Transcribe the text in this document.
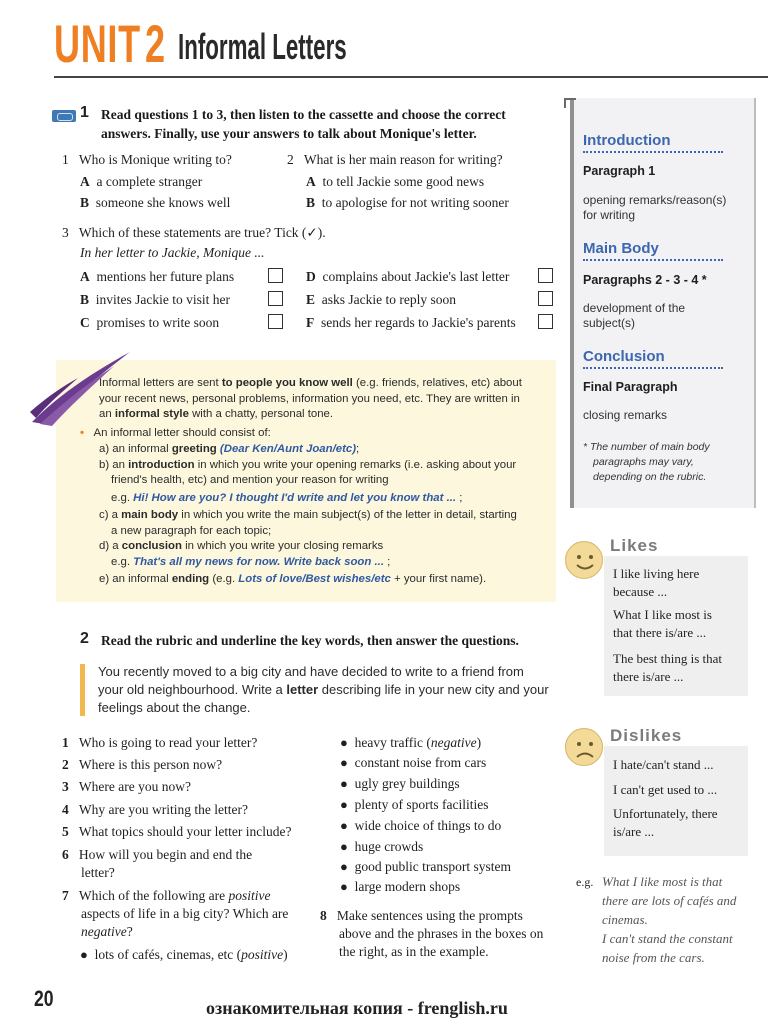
UNIT 2 Informal Letters
1 Read questions 1 to 3, then listen to the cassette and choose the correct
answers. Finally, use your answers to talk about Monique's letter.
1 Who is Monique writing to?
A a complete stranger
B someone she knows well
2 What is her main reason for writing?
A to tell Jackie some good news
B to apologise for not writing sooner
3 Which of these statements are true? Tick (✓).
In her letter to Jackie, Monique ...
A mentions her future plans
B invites Jackie to visit her
C promises to write soon
D complains about Jackie's last letter
E asks Jackie to reply soon
F sends her regards to Jackie's parents
Informal letters are sent to people you know well (e.g. friends, relatives, etc) about
your recent news, personal problems, information you need, etc. They are written in
an informal style with a chatty, personal tone.
• An informal letter should consist of:
a) an informal greeting (Dear Ken/Aunt Joan/etc);
b) an introduction in which you write your opening remarks (i.e. asking about your
friend's health, etc) and mention your reason for writing
e.g. Hi! How are you? I thought I'd write and let you know that ... ;
c) a main body in which you write the main subject(s) of the letter in detail, starting
a new paragraph for each topic;
d) a conclusion in which you write your closing remarks
e.g. That's all my news for now. Write back soon ... ;
e) an informal ending (e.g. Lots of love/Best wishes/etc + your first name).
Introduction
Paragraph 1
opening remarks/reason(s)
for writing
Main Body
Paragraphs 2 - 3 - 4 *
development of the
subject(s)
Conclusion
Final Paragraph
closing remarks
* The number of main body
paragraphs may vary,
depending on the rubric.
Likes
I like living here
because ...
What I like most is
that there is/are ...
The best thing is that
there is/are ...
Dislikes
I hate/can't stand ...
I can't get used to ...
Unfortunately, there
is/are ...
2 Read the rubric and underline the key words, then answer the questions.
You recently moved to a big city and have decided to write to a friend from
your old neighbourhood. Write a letter describing life in your new city and your
feelings about the change.
1 Who is going to read your letter?
2 Where is this person now?
3 Where are you now?
4 Why are you writing the letter?
5 What topics should your letter include?
6 How will you begin and end the
letter?
7 Which of the following are positive
aspects of life in a big city? Which are
negative?
● lots of cafés, cinemas, etc (positive)
● heavy traffic (negative)
● constant noise from cars
● ugly grey buildings
● plenty of sports facilities
● wide choice of things to do
● huge crowds
● good public transport system
● large modern shops
8 Make sentences using the prompts
above and the phrases in the boxes on
the right, as in the example.
e.g. What I like most is that
there are lots of cafés and
cinemas.
I can't stand the constant
noise from the cars.
20	ознакомительная копия - frenglish.ru
